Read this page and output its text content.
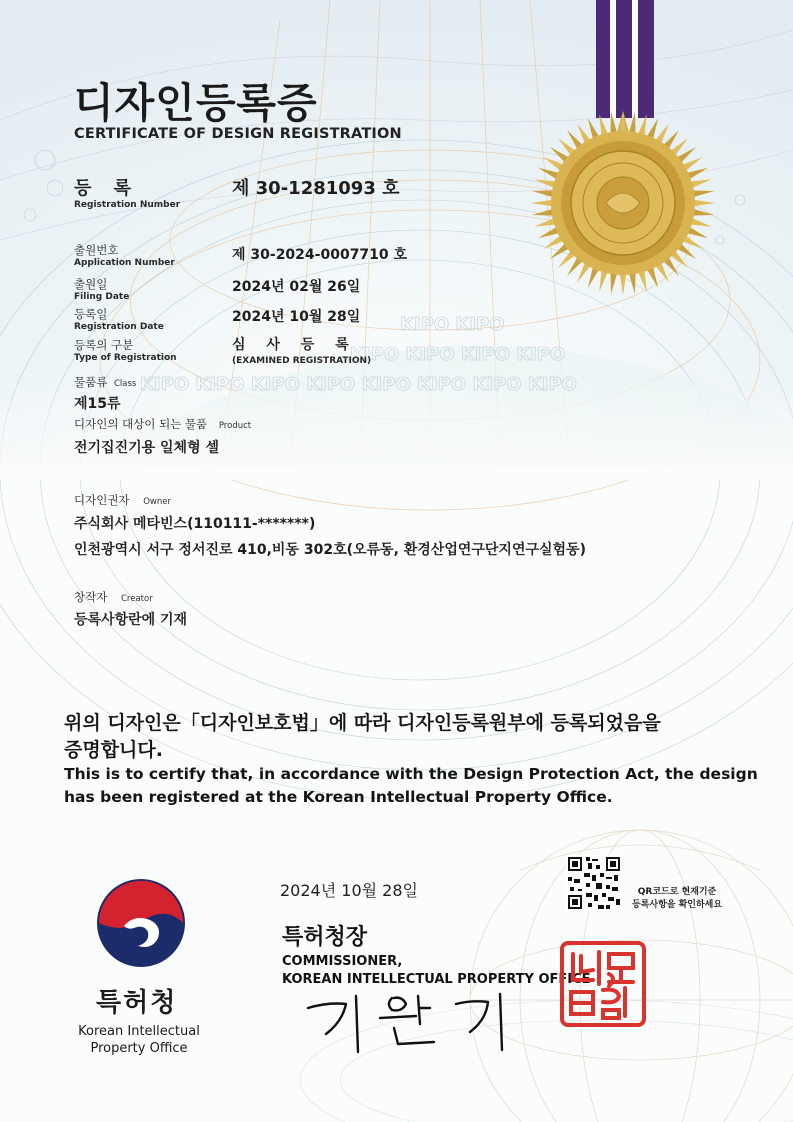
KIPO KIPO
KIPO KIPO KIPO KIPO
KIPO KIPO KIPO KIPO KIPO KIPO KIPO KIPO
디자인등록증
CERTIFICATE OF DESIGN REGISTRATION
등 록
Registration Number
제 30-1281093 호
출원번호
Application Number	제 30-2024-0007710 호
출원일
Filing Date
2024년 02월 26일
등록일
Registration Date
2024년 10월 28일
등록의 구분
Type of Registration
심 사 등 록
(EXAMINED REGISTRATION)
물품류 Class
제15류
디자인의 대상이 되는 물품 Product
전기집진기용 일체형 셀
디자인권자 Owner
주식회사 메타빈스(110111-*******)
인천광역시 서구 정서진로 410,비동 302호(오류동, 환경산업연구단지연구실험동)
창작자 Creator
등록사항란에 기재
위의 디자인은「디자인보호법」에 따라 디자인등록원부에 등록되었음을
증명합니다.
This is to certify that, in accordance with the Design Protection Act, the design
has been registered at the Korean Intellectual Property Office.
특허청
Korean Intellectual
Property Office
2024년 10월 28일	QR코드로 현재기준
등록사항을 확인하세요
특허청장
COMMISSIONER,
KOREAN INTELLECTUAL PROPERTY OFFICE
